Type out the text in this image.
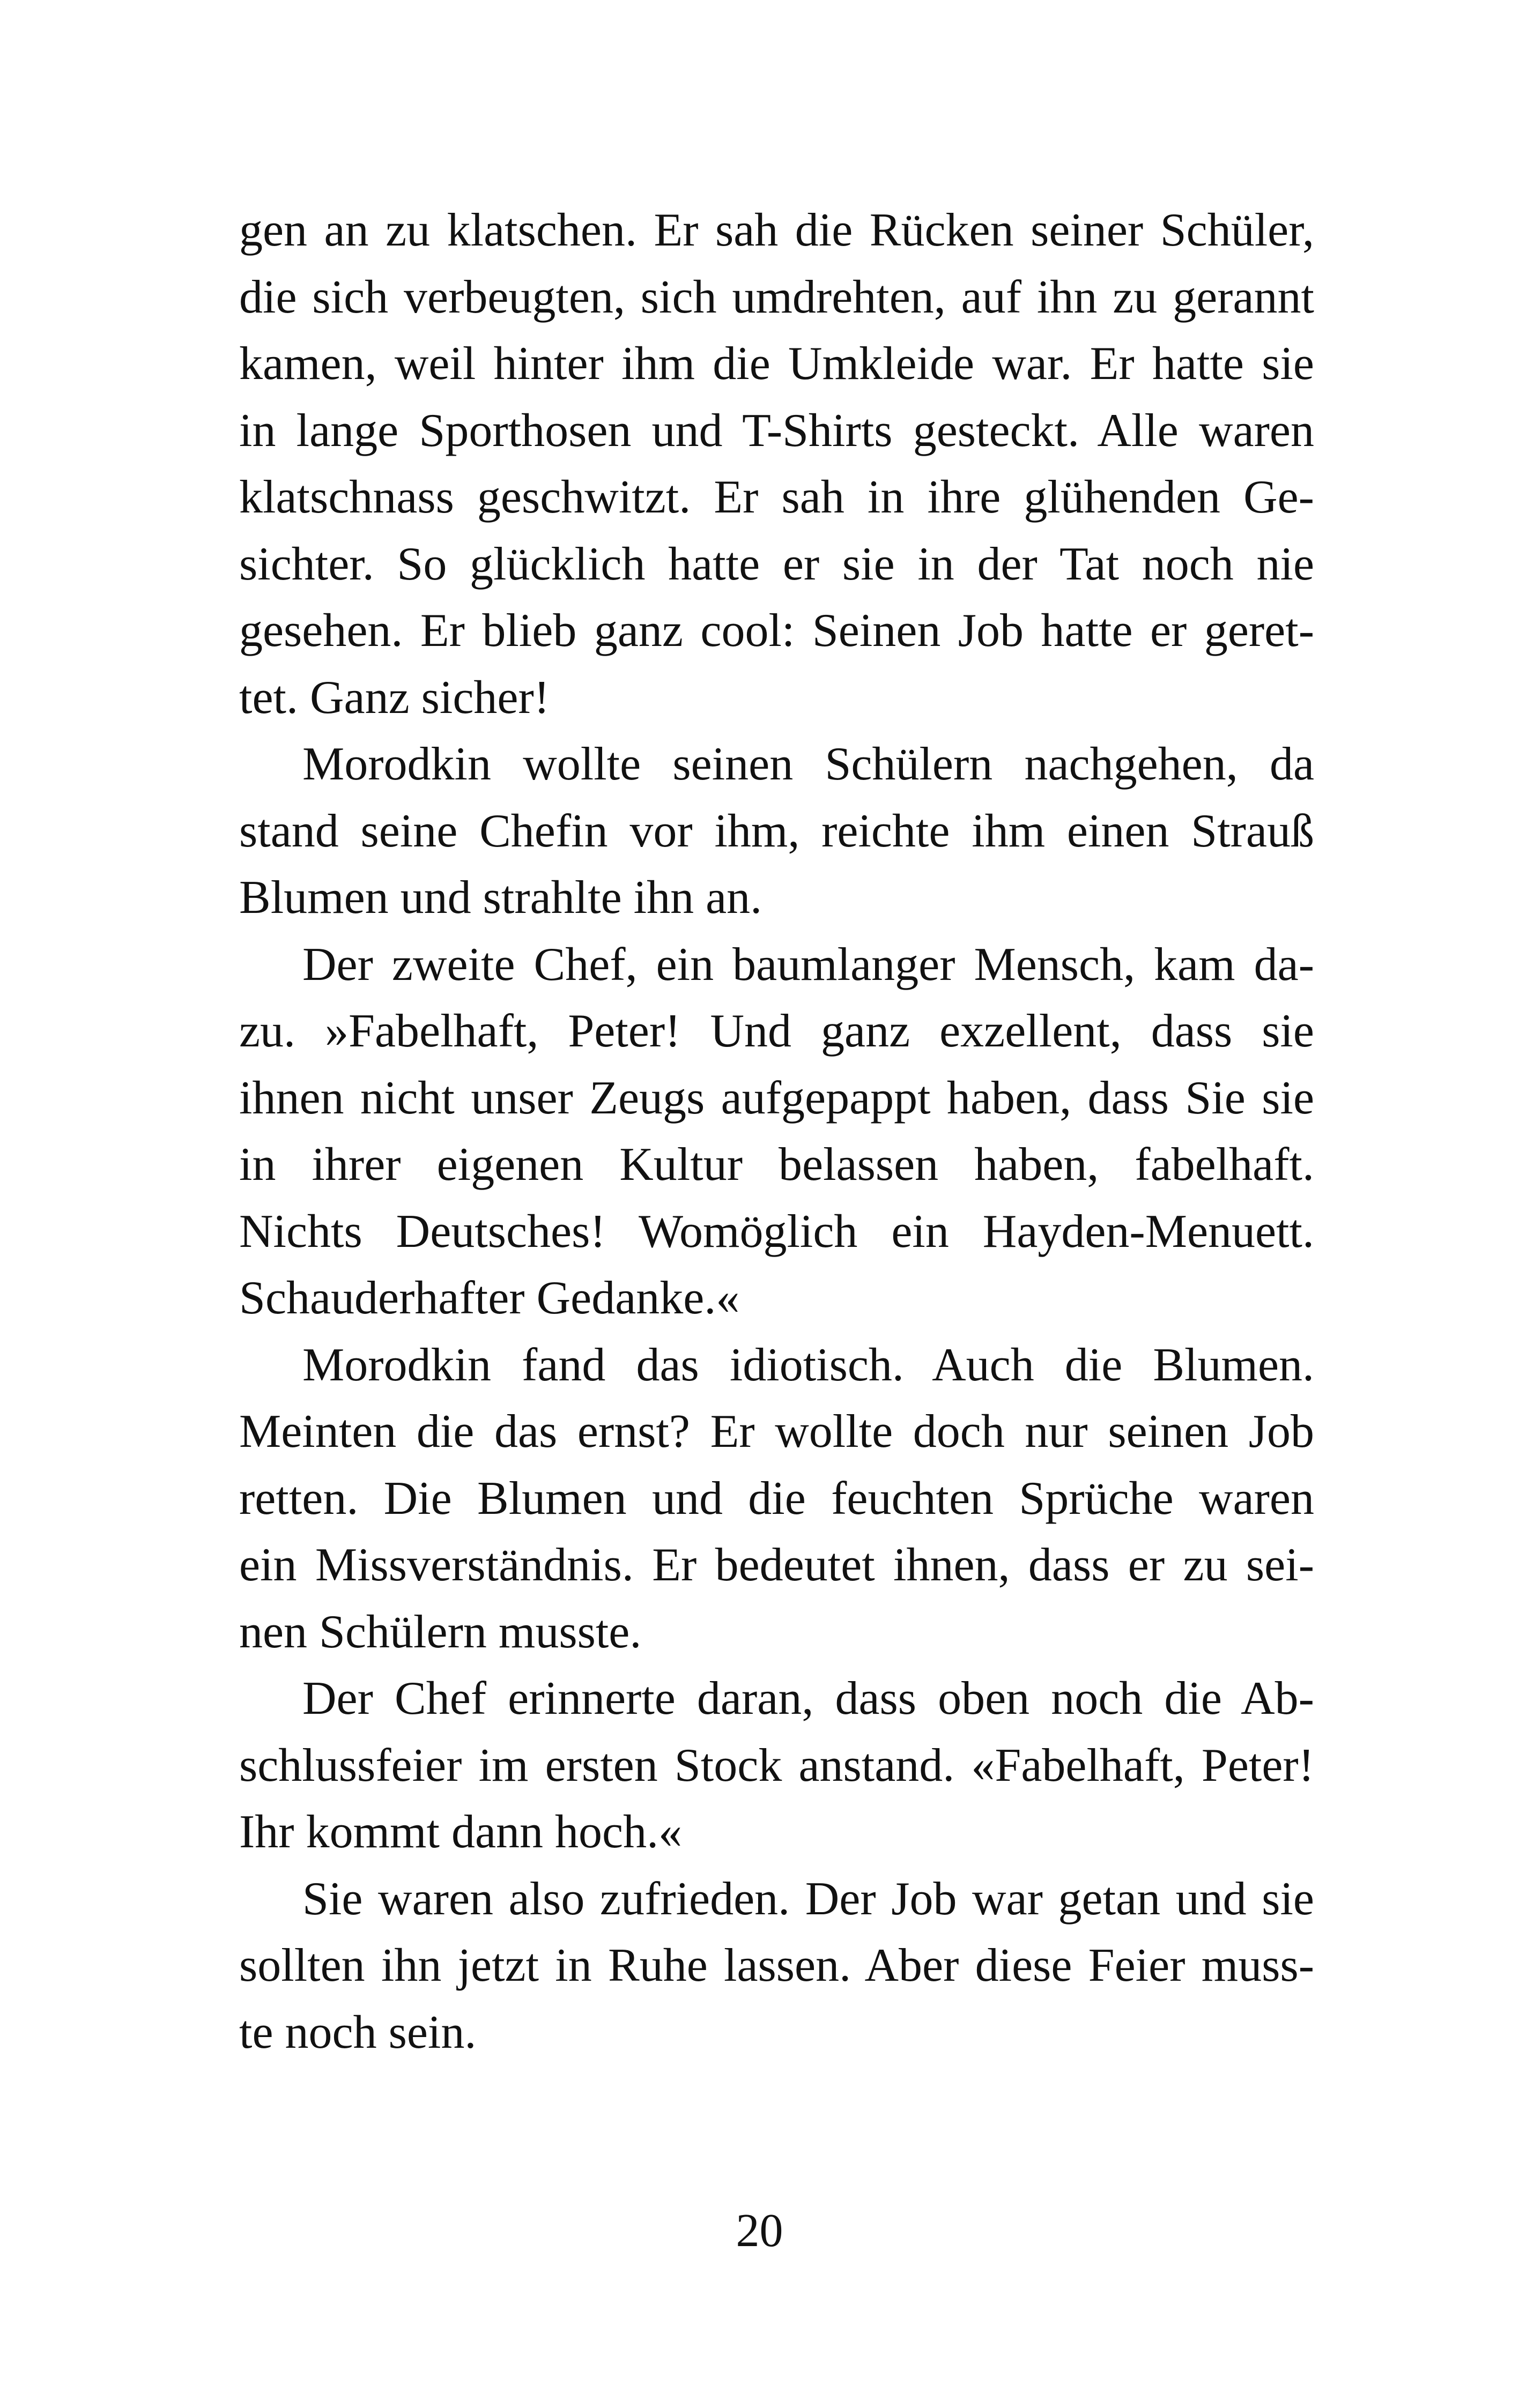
gen an zu klatschen. Er sah die Rücken seiner Schüler,
die sich verbeugten, sich umdrehten, auf ihn zu gerannt
kamen, weil hinter ihm die Umkleide war. Er hatte sie
in lange Sporthosen und T-Shirts gesteckt. Alle waren
klatschnass geschwitzt. Er sah in ihre glühenden Ge-
sichter. So glücklich hatte er sie in der Tat noch nie
gesehen. Er blieb ganz cool: Seinen Job hatte er geret-
tet. Ganz sicher!
Morodkin wollte seinen Schülern nachgehen, da
stand seine Chefin vor ihm, reichte ihm einen Strauß
Blumen und strahlte ihn an.
Der zweite Chef, ein baumlanger Mensch, kam da-
zu. »Fabelhaft, Peter! Und ganz exzellent, dass sie
ihnen nicht unser Zeugs aufgepappt haben, dass Sie sie
in ihrer eigenen Kultur belassen haben, fabelhaft.
Nichts Deutsches! Womöglich ein Hayden-Menuett.
Schauderhafter Gedanke.«
Morodkin fand das idiotisch. Auch die Blumen.
Meinten die das ernst? Er wollte doch nur seinen Job
retten. Die Blumen und die feuchten Sprüche waren
ein Missverständnis. Er bedeutet ihnen, dass er zu sei-
nen Schülern musste.
Der Chef erinnerte daran, dass oben noch die Ab-
schlussfeier im ersten Stock anstand. «Fabelhaft, Peter!
Ihr kommt dann hoch.«
Sie waren also zufrieden. Der Job war getan und sie
sollten ihn jetzt in Ruhe lassen. Aber diese Feier muss-
te noch sein.
20
